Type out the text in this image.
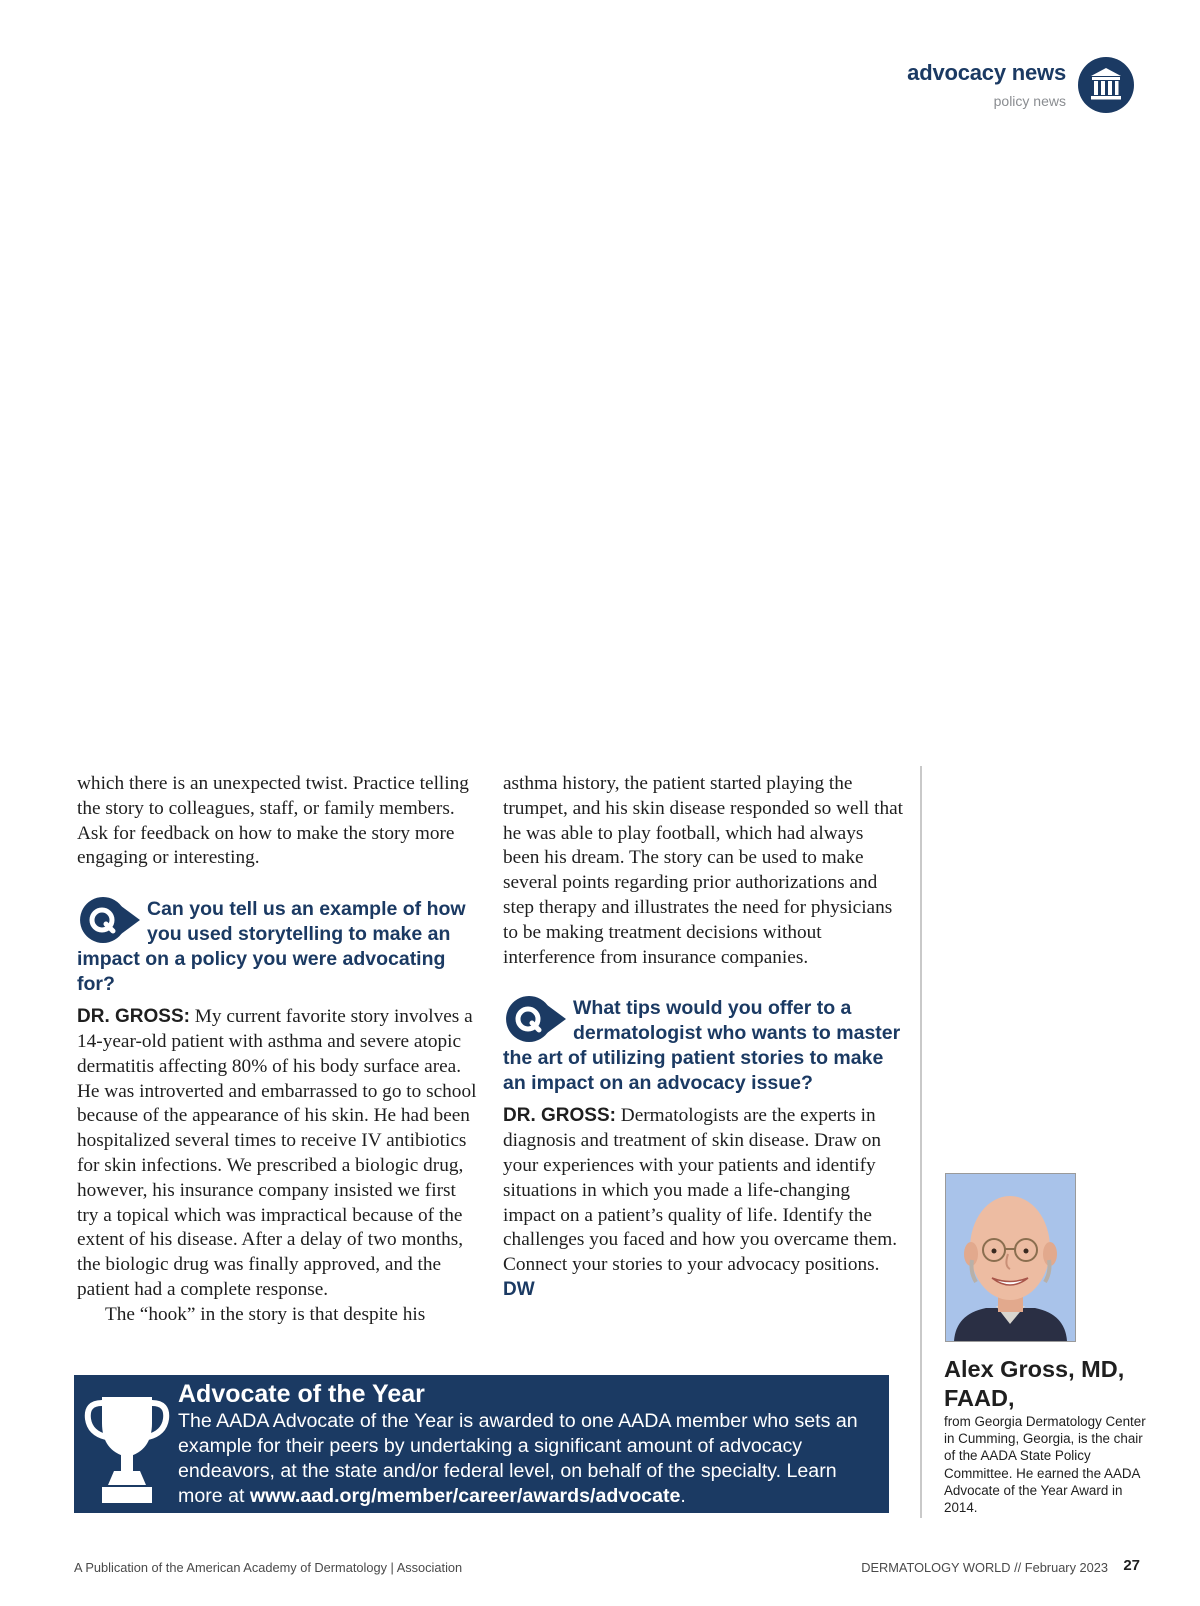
advocacy news
policy news

which there is an unexpected twist. Practice telling the story to colleagues, staff, or family members. Ask for feedback on how to make the story more engaging or interesting.

Can you tell us an example of how you used storytelling to make an impact on a policy you were advocating for?

DR. GROSS: My current favorite story involves a 14-year-old patient with asthma and severe atopic dermatitis affecting 80% of his body surface area. He was introverted and embarrassed to go to school because of the appearance of his skin. He had been hospitalized several times to receive IV antibiotics for skin infections. We prescribed a biologic drug, however, his insurance company insisted we first try a topical which was impractical because of the extent of his disease. After a delay of two months, the biologic drug was finally approved, and the patient had a complete response.

The “hook” in the story is that despite his

asthma history, the patient started playing the trumpet, and his skin disease responded so well that he was able to play football, which had always been his dream. The story can be used to make several points regarding prior authorizations and step therapy and illustrates the need for physicians to be making treatment decisions without interference from insurance companies.

What tips would you offer to a dermatologist who wants to master the art of utilizing patient stories to make an impact on an advocacy issue?

DR. GROSS: Dermatologists are the experts in diagnosis and treatment of skin disease. Draw on your experiences with your patients and identify situations in which you made a life-changing impact on a patient’s quality of life. Identify the challenges you faced and how you overcame them. Connect your stories to your advocacy positions. DW

Alex Gross, MD, FAAD,
from Georgia Dermatology Center in Cumming, Georgia, is the chair of the AADA State Policy Committee. He earned the AADA Advocate of the Year Award in 2014.
Advocate of the Year
The AADA Advocate of the Year is awarded to one AADA member who sets an example for their peers by undertaking a significant amount of advocacy endeavors, at the state and/or federal level, on behalf of the specialty. Learn more at www.aad.org/member/career/awards/advocate.
A Publication of the American Academy of Dermatology | Association	DERMATOLOGY WORLD // February 2023 27
